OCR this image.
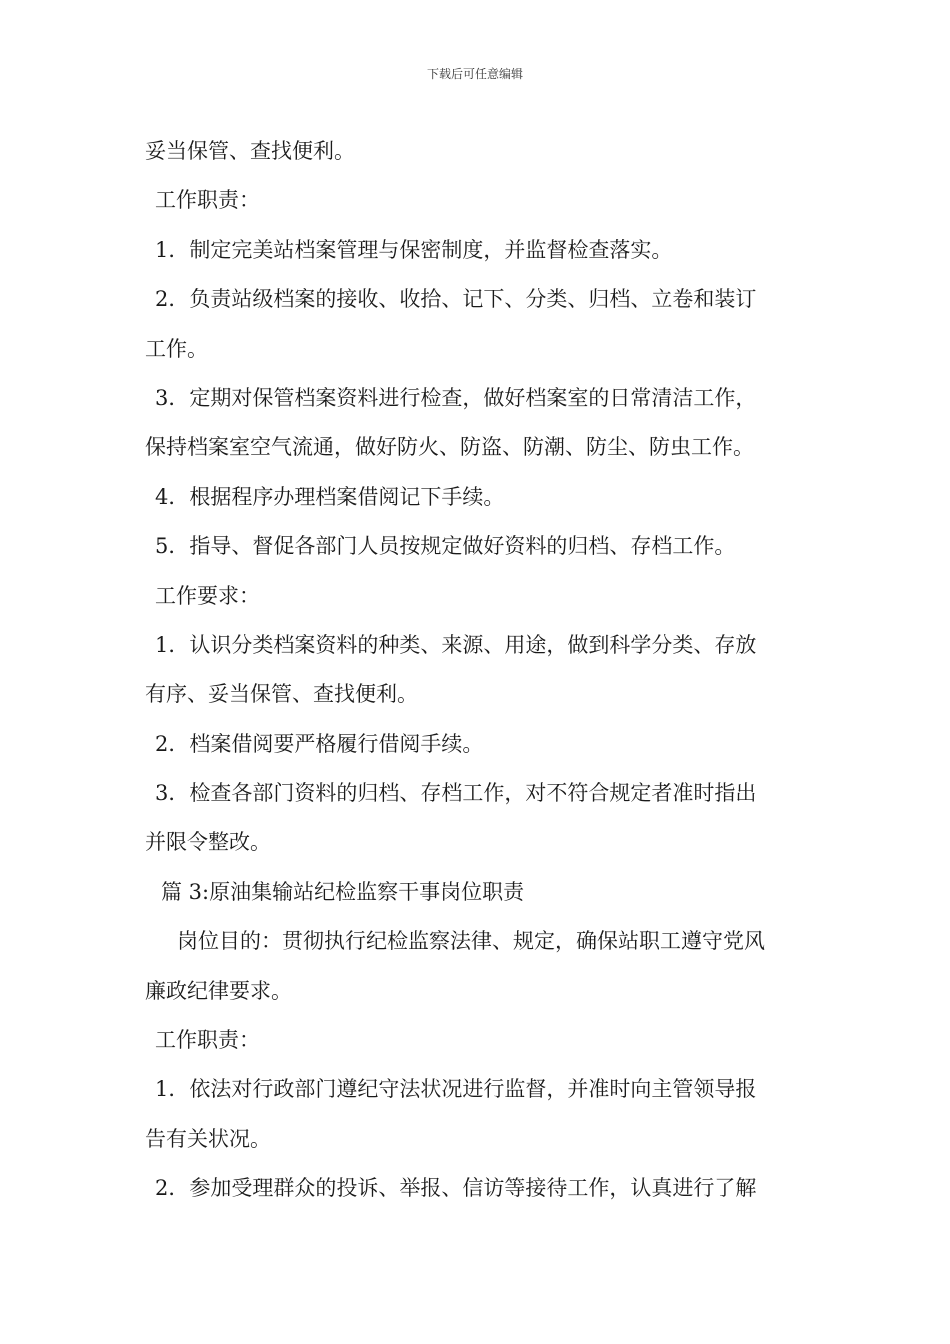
下载后可任意编辑
妥当保管、查找便利。
工作职责：
1．制定完美站档案管理与保密制度，并监督检查落实。
2．负责站级档案的接收、收拾、记下、分类、归档、立卷和装订
工作。
3．定期对保管档案资料进行检查，做好档案室的日常清洁工作，
保持档案室空气流通，做好防火、防盗、防潮、防尘、防虫工作。
4．根据程序办理档案借阅记下手续。
5．指导、督促各部门人员按规定做好资料的归档、存档工作。
工作要求：
1．认识分类档案资料的种类、来源、用途，做到科学分类、存放
有序、妥当保管、查找便利。
2．档案借阅要严格履行借阅手续。
3．检查各部门资料的归档、存档工作，对不符合规定者准时指出
并限令整改。
篇 3:原油集输站纪检监察干事岗位职责
岗位目的：贯彻执行纪检监察法律、规定，确保站职工遵守党风
廉政纪律要求。
工作职责：
1．依法对行政部门遵纪守法状况进行监督，并准时向主管领导报
告有关状况。
2．参加受理群众的投诉、举报、信访等接待工作，认真进行了解
